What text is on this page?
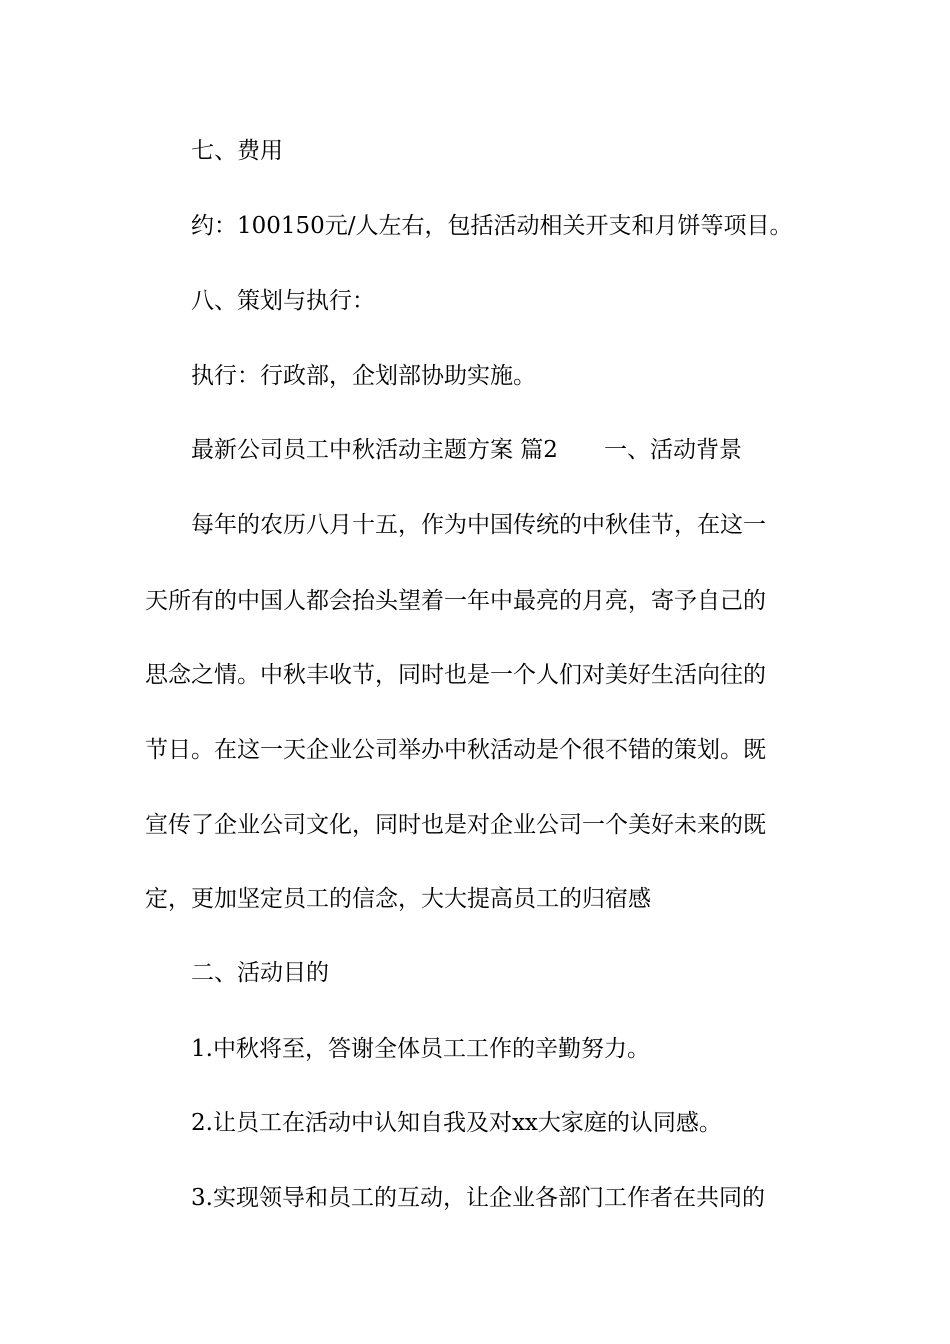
七、费用
约：100150元/人左右，包括活动相关开支和月饼等项目。
八、策划与执行：
执行：行政部，企划部协助实施。
最新公司员工中秋活动主题方案 篇2 一、活动背景
每年的农历八月十五，作为中国传统的中秋佳节，在这一
天所有的中国人都会抬头望着一年中最亮的月亮，寄予自己的
思念之情。中秋丰收节，同时也是一个人们对美好生活向往的
节日。在这一天企业公司举办中秋活动是个很不错的策划。既
宣传了企业公司文化，同时也是对企业公司一个美好未来的既
定，更加坚定员工的信念，大大提高员工的归宿感
二、活动目的
1.中秋将至，答谢全体员工工作的辛勤努力。
2.让员工在活动中认知自我及对xx大家庭的认同感。
3.实现领导和员工的互动，让企业各部门工作者在共同的
